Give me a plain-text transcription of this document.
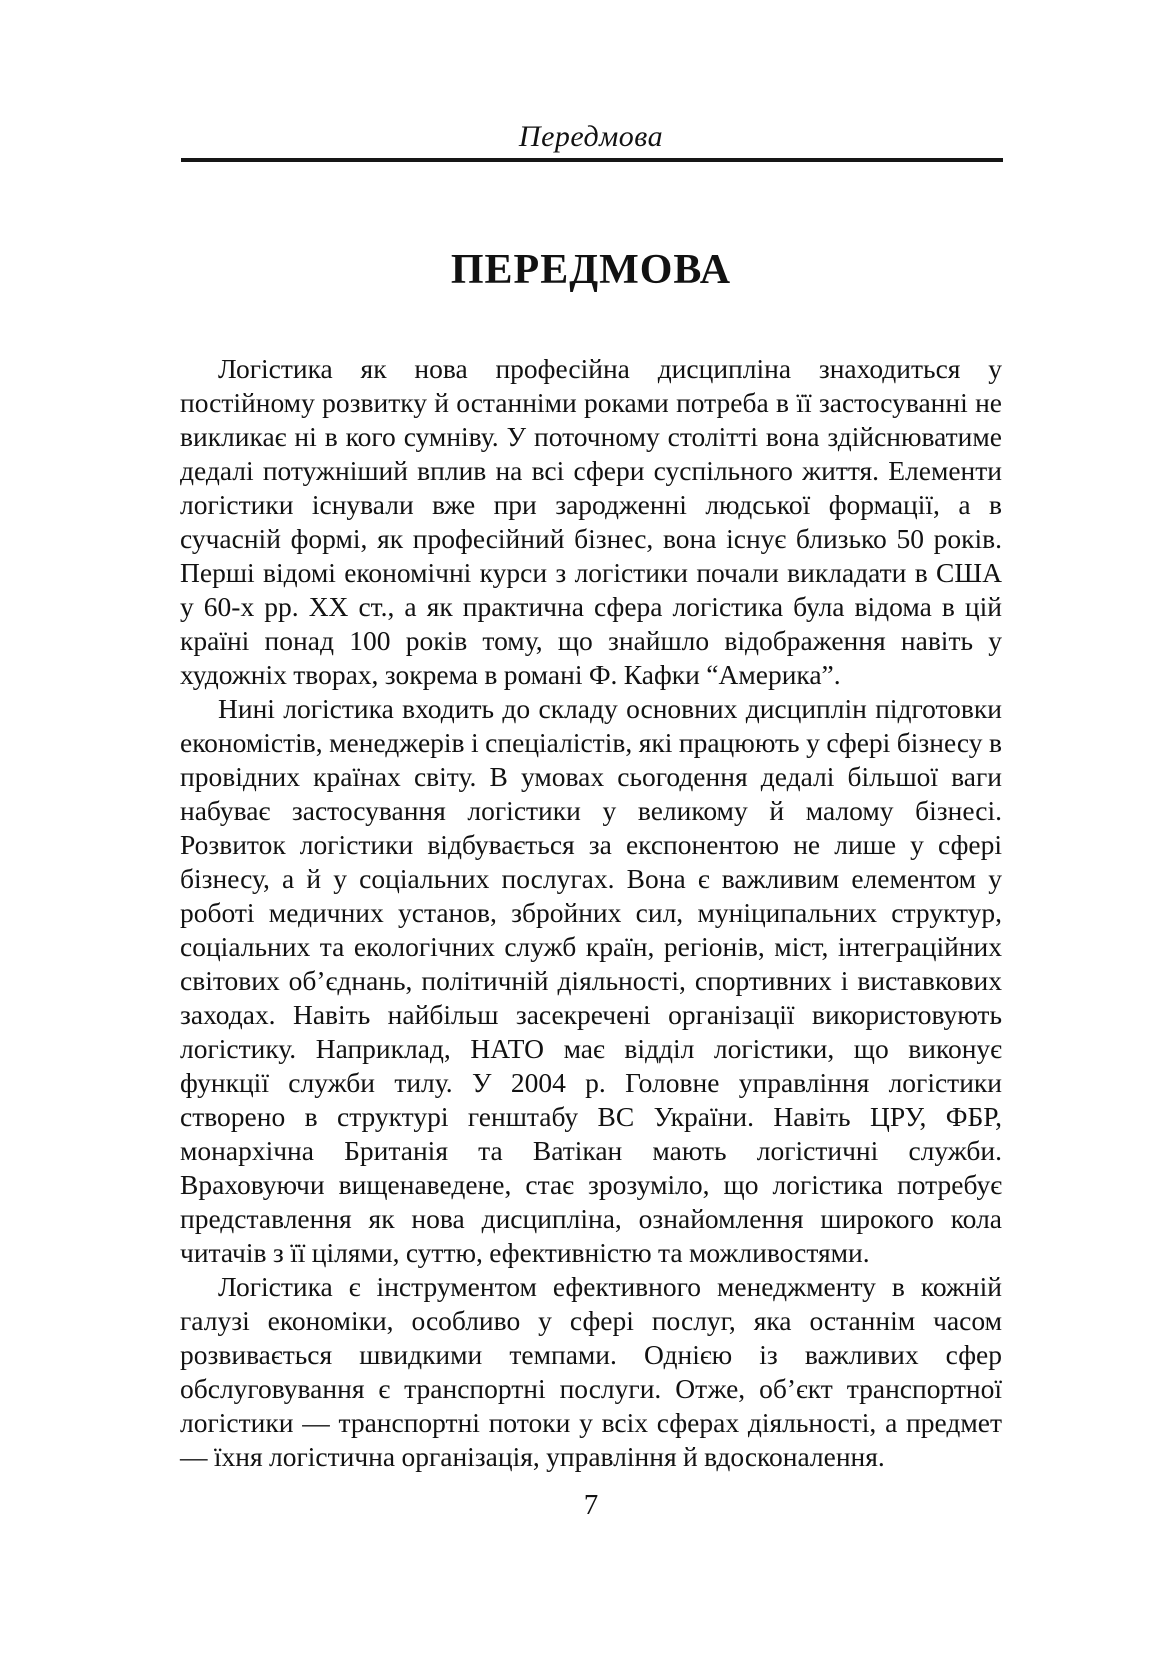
Передмова
ПЕРЕДМОВА

Логістика як нова професійна дисципліна знаходиться у постійному розвитку й останніми роками потреба в її застосуванні не викликає ні в кого сумніву. У поточному столітті вона здійснюватиме дедалі потужніший вплив на всі сфери суспільного життя. Елементи логістики існували вже при зародженні людської формації, а в сучасній формі, як професійний бізнес, вона існує близько 50 років. Перші відомі економічні курси з логістики почали викладати в США у 60-х рр. ХХ ст., а як практична сфера логістика була відома в цій країні понад 100 років тому, що знайшло відображення навіть у художніх творах, зокрема в романі Ф. Кафки “Америка”.

Нині логістика входить до складу основних дисциплін підготовки економістів, менеджерів і спеціалістів, які працюють у сфері бізнесу в провідних країнах світу. В умовах сьогодення дедалі більшої ваги набуває застосування логістики у великому й малому бізнесі. Розвиток логістики відбувається за експонентою не лише у сфері бізнесу, а й у соціальних послугах. Вона є важливим елементом у роботі медичних установ, збройних сил, муніципальних структур, соціальних та екологічних служб країн, регіонів, міст, інтеграційних світових об’єднань, політичній діяльності, спортивних і виставкових заходах. Навіть найбільш засекречені організації використовують логістику. Наприклад, НАТО має відділ логістики, що виконує функції служби тилу. У 2004 р. Головне управління логістики створено в структурі генштабу ВС України. Навіть ЦРУ, ФБР, монархічна Британія та Ватікан мають логістичні служби. Враховуючи вищенаведене, стає зрозуміло, що логістика потребує представлення як нова дисципліна, ознайомлення широкого кола читачів з її цілями, суттю, ефективністю та можливостями.

Логістика є інструментом ефективного менеджменту в кожній галузі економіки, особливо у сфері послуг, яка останнім часом розвивається швидкими темпами. Однією із важливих сфер обслуговування є транспортні послуги. Отже, об’єкт транспортної логістики — транспортні потоки у всіх сферах діяльності, а предмет — їхня логістична організація, управління й вдосконалення.

7
